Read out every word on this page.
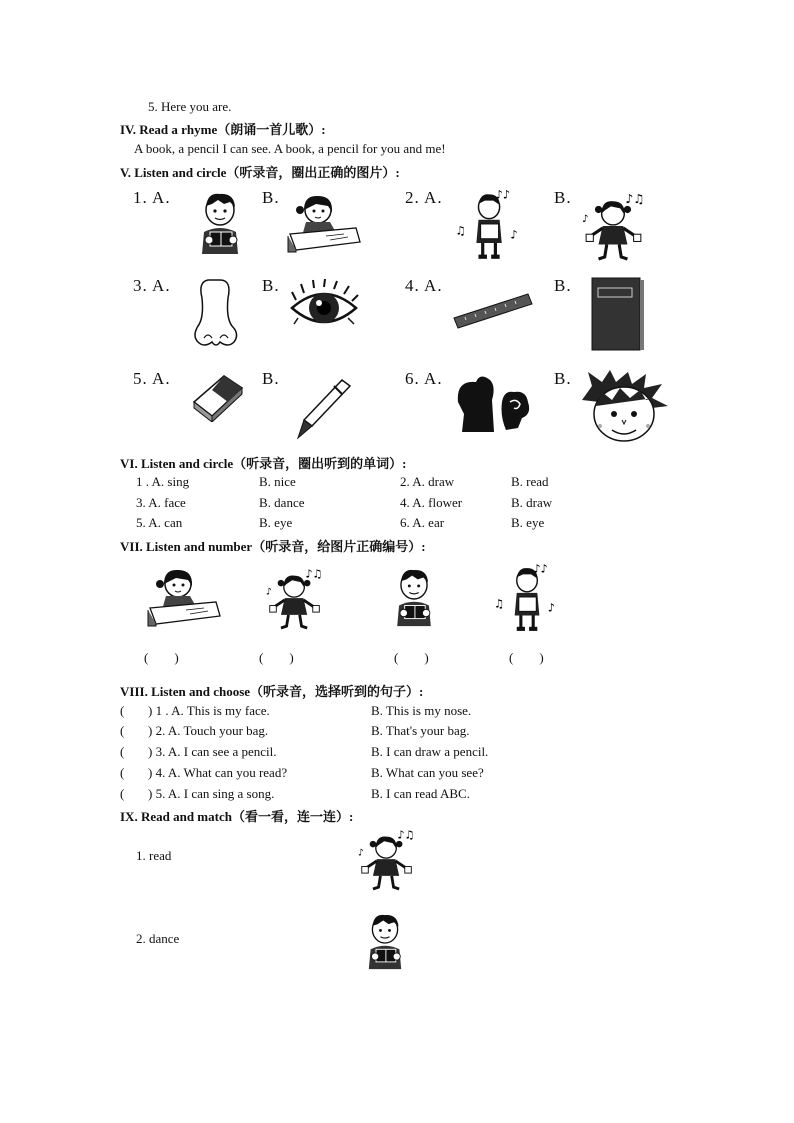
5. Here you are.
IV. Read a rhyme（朗诵一首儿歌）:
A book, a pencil I can see. A book, a pencil for you and me!
V. Listen and circle（听录音，圈出正确的图片）:
1. A.	B.	2. A.	B.
3. A.	B.	4. A.	B.
5. A.	B.	6. A.	B.
VI. Listen and circle（听录音，圈出听到的单词）:
1 . A. sing	B. nice	2. A. draw	B. read
3. A. face	B. dance	4. A. flower	B. draw
5. A. can	B. eye	6. A. ear	B. eye
VII. Listen and number（听录音，给图片正确编号）:
(　　)	(　　)	(　　)	(　　)
VIII. Listen and choose（听录音，选择听到的句子）:
( ) 1 . A. This is my face.	B. This is my nose.
( ) 2. A. Touch your bag.	B. That's your bag.
( ) 3. A. I can see a pencil.	B. I can draw a pencil.
( ) 4. A. What can you read?	B. What can you see?
( ) 5. A. I can sing a song.	B. I can read ABC.
IX. Read and match（看一看，连一连）:
1. read
2. dance
